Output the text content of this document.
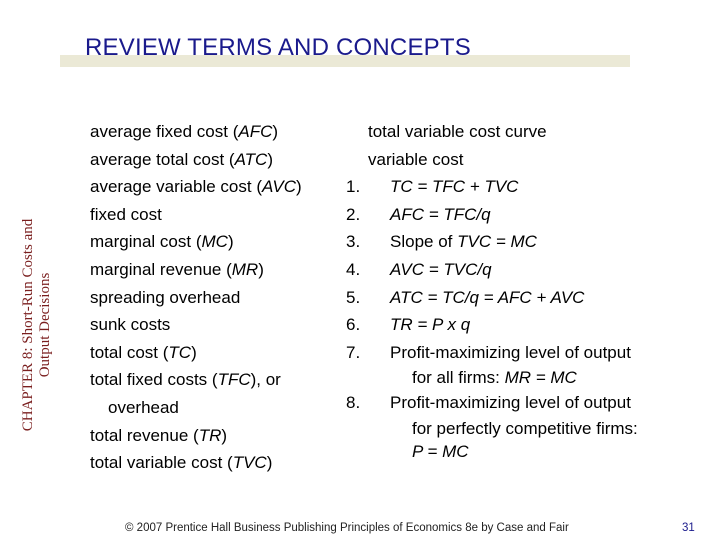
REVIEW TERMS AND CONCEPTS
CHAPTER 8: Short-Run Costs and Output Decisions
average fixed cost (AFC)
average total cost (ATC)
average variable cost (AVC)
fixed cost
marginal cost (MC)
marginal revenue (MR)
spreading overhead
sunk costs
total cost (TC)
total fixed costs (TFC), or
overhead
total revenue (TR)
total variable cost (TVC)
total variable cost curve
variable cost
1.TC = TFC + TVC
2.AFC = TFC/q
3.Slope of TVC = MC
4.AVC = TVC/q
5.ATC = TC/q = AFC + AVC
6.TR = P x q
7.Profit-maximizing level of output
for all firms: MR = MC
8.Profit-maximizing level of output
for perfectly competitive firms:
P = MC
© 2007 Prentice Hall Business Publishing Principles of Economics 8e by Case and Fair	31
